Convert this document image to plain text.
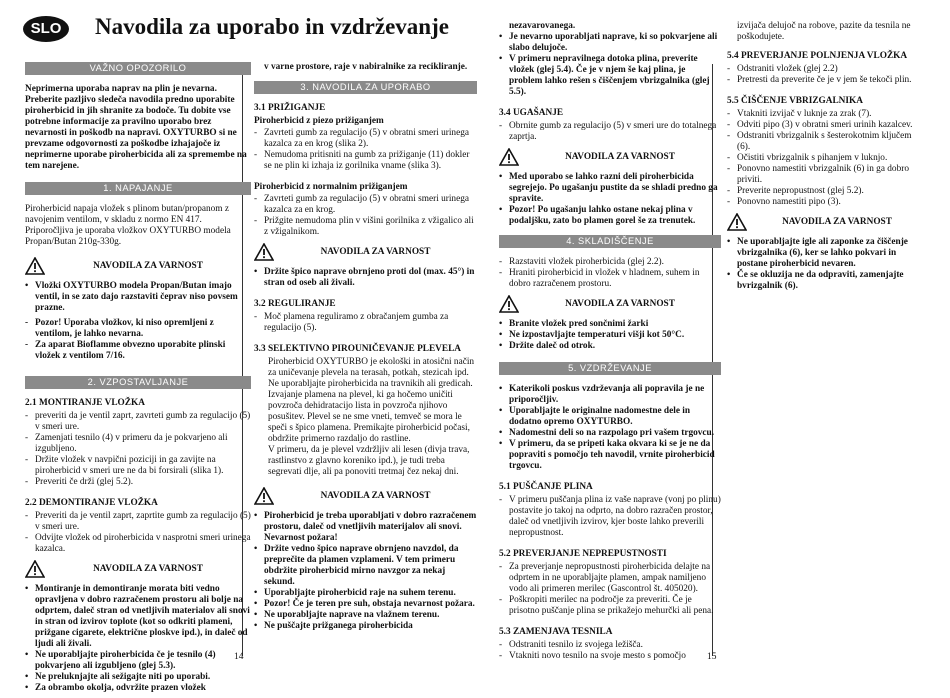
SLO	Navodila za uporabo in vzdrževanje
VAŽNO OPOZORILO

Neprimerna uporaba naprav na plin je nevarna. Preberite pazljivo sledeča navodila predno uporabite piroherbicid in jih shranite za bodoče. Tu dobite vse potrebne informacije za pravilno uporabo brez nevarnosti in poškodb na napravi. OXYTURBO si ne prevzame odgovornosti za poškodbe izhajajoče iz neprimerne uporabe piroherbicida ali za spremembe na tem narejene.

1. NAPAJANJE

Piroherbicid napaja vložek s plinom butan/propanom z navojenim ventilom, v skladu z normo EN 417. Priporočljiva je uporaba vložkov OXYTURBO modela Propan/Butan 210g-330g.

NAVODILA ZA VARNOST
• Vložki OXYTURBO modela Propan/Butan imajo ventil, in se zato dajo razstaviti čeprav niso povsem prazne.
- Pozor! Uporaba vložkov, ki niso opremljeni z ventilom, je lahko nevarna.
- Za aparat Bioflamme obvezno uporabite plinski vložek z ventilom 7/16.
2. VZPOSTAVLJANJE
2.1 MONTIRANJE VLOŽKA
- preveriti da je ventil zaprt, zavrteti gumb za regulacijo (5) v smeri ure.
- Zamenjati tesnilo (4) v primeru da je pokvarjeno ali izgubljeno.
- Držite vložek v navpični poziciji in ga zavijte na piroherbicid v smeri ure ne da bi forsirali (slika 1).
- Preveriti če drži (glej 5.2).
2.2 DEMONTIRANJE VLOŽKA
- Preveriti da je ventil zaprt, zaprtite gumb za regulacijo (5) v smeri ure.
- Odvijte vložek od piroherbicida v nasprotni smeri urinega kazalca.
NAVODILA ZA VARNOST
• Montiranje in demontiranje morata biti vedno opravljena v dobro razračenem prostoru ali bolje na odprtem, daleč stran od vnetljivih materialov ali snovi in stran od izvirov toplote (kot so odkriti plameni, prižgane cigarete, električne ploskve ipd.), in daleč od ljudi ali živali.
• Ne uporabljajte piroherbicida če je tesnilo (4) pokvarjeno ali izgubljeno (glej 5.3).
• Ne preluknjajte ali sežigajte niti po uporabi.
• Za obrambo okolja, odvržite prazen vložek

v varne prostore, raje v nabiralnike za recikliranje.

3. NAVODILA ZA UPORABO
3.1 PRIŽIGANJE
Piroherbicid z piezo prižiganjem
- Zavrteti gumb za regulacijo (5) v obratni smeri urinega kazalca za en krog (slika 2).
- Nemudoma pritisniti na gumb za prižiganje (11) dokler se ne plin ki izhaja iz gorilnika vname (slika 3).
Piroherbicid z normalnim prižiganjem
- Zavrteti gumb za regulacijo (5) v obratni smeri urinega kazalca za en krog.
- Prižgite nemudoma plin v višini gorilnika z vžigalico ali z vžigalnikom.
NAVODILA ZA VARNOST
• Držite špico naprave obrnjeno proti dol (max. 45°) in stran od oseb ali živali.
3.2 REGULIRANJE
- Moč plamena reguliramo z obračanjem gumba za regulacijo (5).
3.3 SELEKTIVNO PIROUNIČEVANJE PLEVELA

Piroherbicid OXYTURBO je ekološki in atosični način za uničevanje plevela na terasah, potkah, stezicah ipd. Ne uporabljajte piroherbicida na travnikih ali gredicah. Izvajanje plamena na plevel, ki ga hočemo uničiti povzroča dehidratacijo lista in povzroča njihovo posušitev. Plevel se ne sme vneti, temveč se mora le speči s špico plamena. Premikajte piroherbicid počasi, obdržite primerno razdaljo do rastline.

V primeru, da je plevel vzdržljiv ali lesen (divja trava, rastlinstvo z glavno koreniko ipd.), je tudi treba segrevati dlje, ali pa ponoviti tretmaj čez nekaj dni.

NAVODILA ZA VARNOST
• Piroherbicid je treba uporabljati v dobro razračenem prostoru, daleč od vnetljivih materijalov ali snovi. Nevarnost požara!
• Držite vedno špico naprave obrnjeno navzdol, da preprečite da plamen vzplameni. V tem primeru obdržite piroherbicid mirno navzgor za nekaj sekund.
• Uporabljajte piroherbicid raje na suhem terenu.
• Pozor! Če je teren pre suh, obstaja nevarnost požara.
• Ne uporabljajte naprave na vlažnem terenu.
• Ne puščajte prižganega piroherbicida

nezavarovanega.

• Je nevarno uporabljati naprave, ki so pokvarjene ali slabo delujoče.
• V primeru nepravilnega dotoka plina, preverite vložek (glej 5.4). Če je v njem še kaj plina, je problem lahko rešen s čiščenjem vbrizgalnika (glej 5.5).
3.4 UGAŠANJE
- Obrnite gumb za regulacijo (5) v smeri ure do totalnega zaprtja.
NAVODILA ZA VARNOST
• Med uporabo se lahko razni deli piroherbicida segrejejo. Po ugašanju pustite da se shladi predno ga spravite.
• Pozor! Po ugašanju lahko ostane nekaj plina v podaljšku, zato bo plamen gorel še za trenutek.
4. SKLADIŠČENJE
- Razstaviti vložek piroherbicida (glej 2.2).
- Hraniti piroherbicid in vložek v hladnem, suhem in dobro razračenem prostoru.
NAVODILA ZA VARNOST
• Branite vložek pred sončnimi žarki
• Ne izpostavljajte temperaturi višji kot 50°C.
• Držite daleč od otrok.
5. VZDRŽEVANJE
• Katerikoli poskus vzdrževanja ali popravila je ne priporočljiv.
• Uporabljajte le originalne nadomestne dele in dodatno opremo OXYTURBO.
• Nadomestni deli so na razpolago pri vašem trgovcu.
• V primeru, da se pripeti kaka okvara ki se je ne da popraviti s pomočjo teh navodil, vrnite piroherbicid trgovcu.
5.1 PUŠČANJE PLINA
- V primeru puščanja plina iz vaše naprave (vonj po plinu) postavite jo takoj na odprto, na dobro razračen prostor, daleč od vnetljivih izvirov, kjer boste lahko preverili nepropustnost.
5.2 PREVERJANJE NEPREPUSTNOSTI
- Za preverjanje nepropustnosti piroherbicida delajte na odprtem in ne uporabljajte plamen, ampak namiljeno vodo ali primeren merilec (Gascontrol št. 405020).
- Poškropiti merilec na področje za preveriti. Če je prisotno puščanje plina se prikažejo mehurčki ali pena.
5.3 ZAMENJAVA TESNILA
- Odstraniti tesnilo iz svojega ležišča.
- Vtakniti novo tesnilo na svoje mesto s pomočjo

izvijača delujoč na robove, pazite da tesnila ne poškodujete.

5.4 PREVERJANJE POLNJENJA VLOŽKA
- Odstraniti vložek (glej 2.2)
- Pretresti da preverite če je v jem še tekoči plin.
5.5 ČIŠČENJE VBRIZGALNIKA
- Vtakniti izvijač v luknje za zrak (7).
- Odviti pipo (3) v obratni smeri urinih kazalcev.
- Odstraniti vbrizgalnik s šesterokotnim ključem (6).
- Očistiti vbrizgalnik s pihanjem v luknjo.
- Ponovno namestiti vbrizgalnik (6) in ga dobro priviti.
- Preverite nepropustnost (glej 5.2).
- Ponovno namestiti pipo (3).
NAVODILA ZA VARNOST
• Ne uporabljajte igle ali zaponke za čiščenje vbrizgalnika (6), ker se lahko pokvari in postane piroherbicid nevaren.
• Če se okluzija ne da odpraviti, zamenjajte bvrizgalnik (6).
14	15
